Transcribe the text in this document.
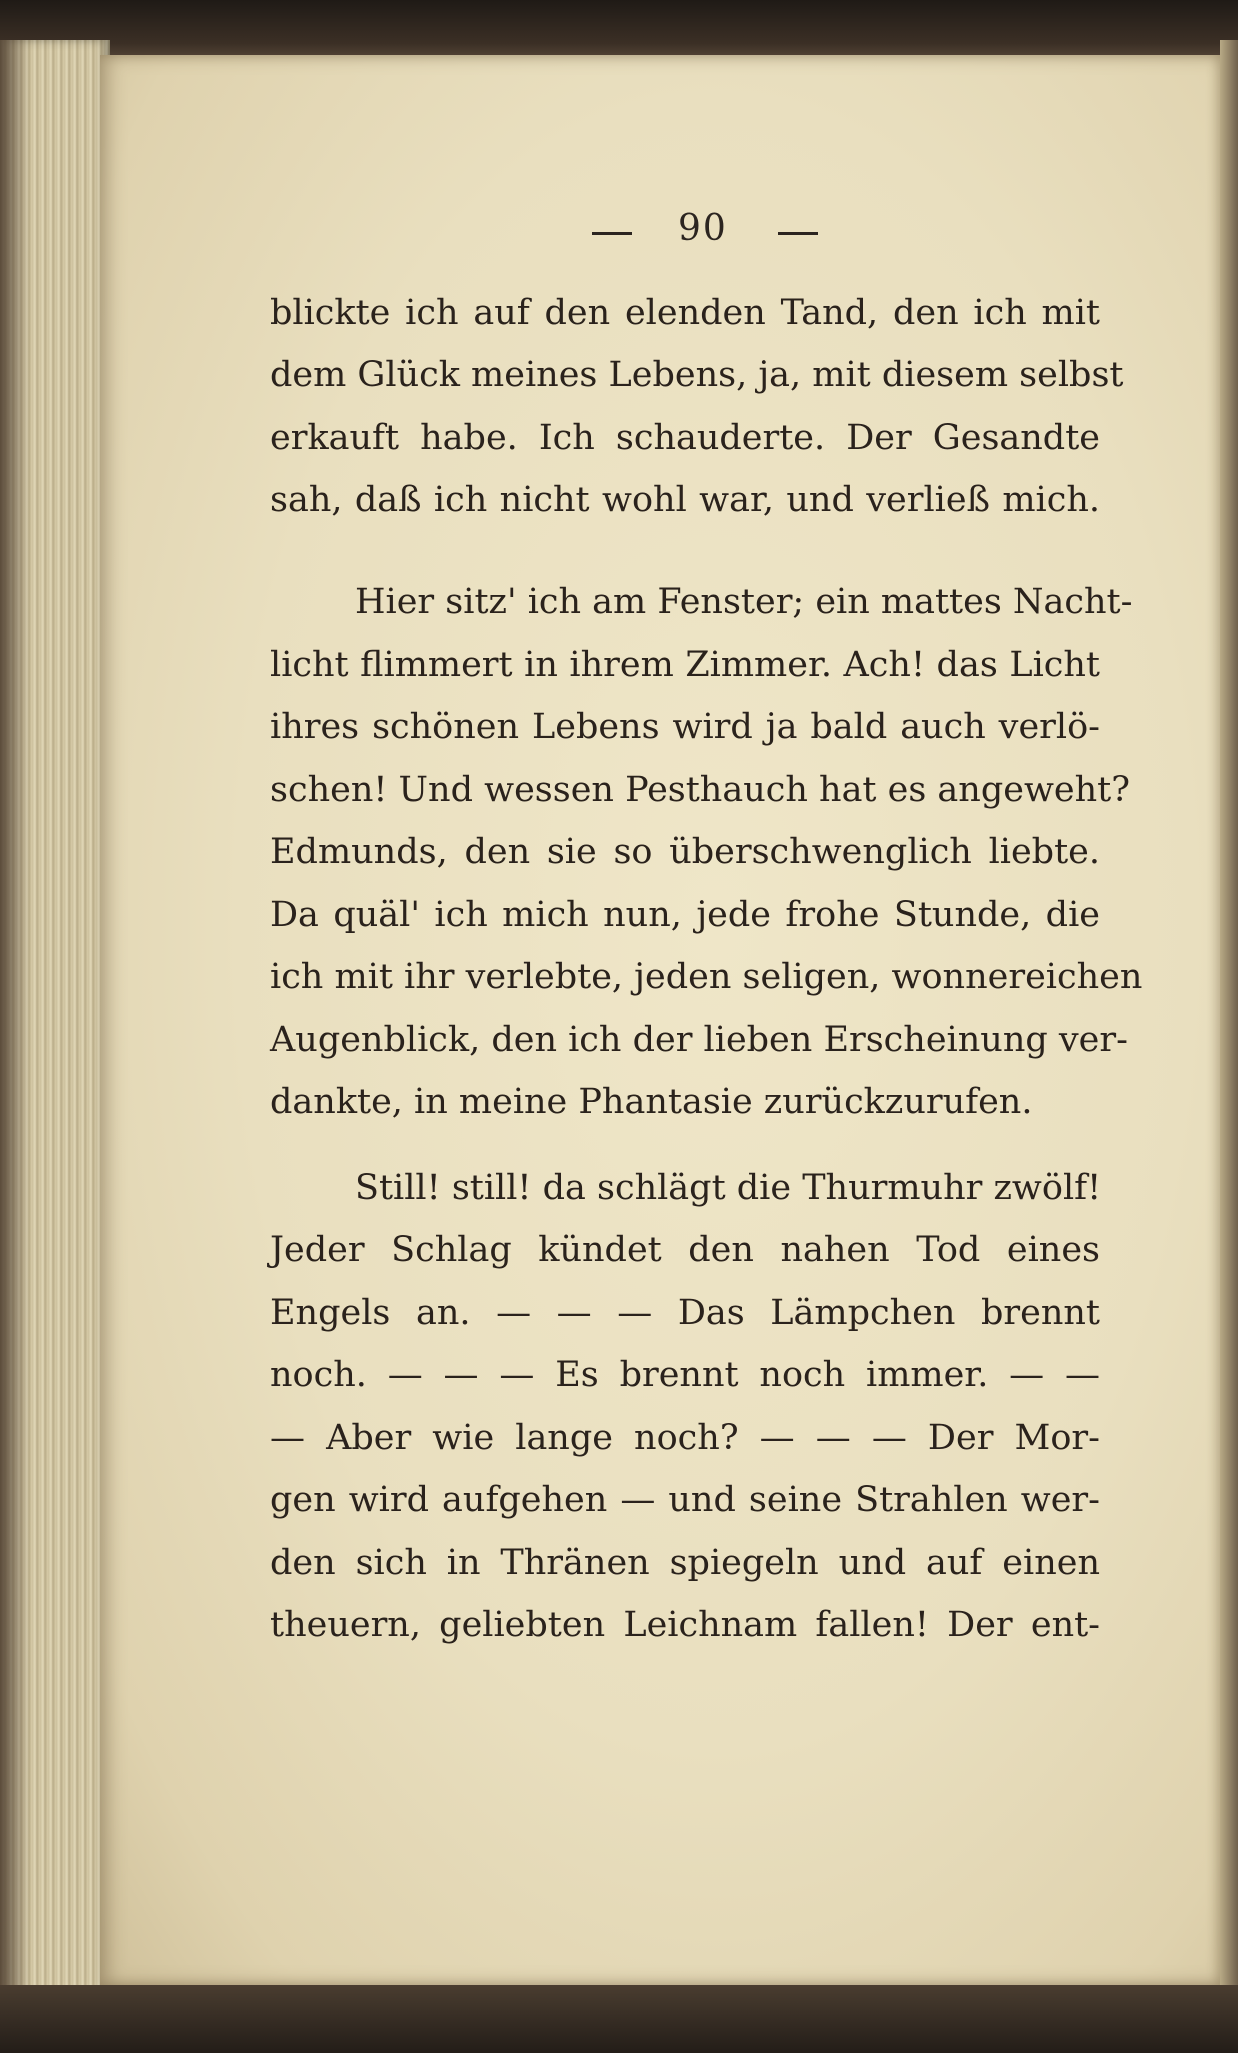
90
blickte ich auf den elenden Tand, den ich mit
dem Glück meines Lebens, ja, mit diesem selbst
erkauft habe. Ich schauderte. Der Gesandte
sah, daß ich nicht wohl war, und verließ mich.
Hier sitz' ich am Fenster; ein mattes Nacht-
licht flimmert in ihrem Zimmer. Ach! das Licht
ihres schönen Lebens wird ja bald auch verlö-
schen! Und wessen Pesthauch hat es angeweht?
Edmunds, den sie so überschwenglich liebte.
Da quäl' ich mich nun, jede frohe Stunde, die
ich mit ihr verlebte, jeden seligen, wonnereichen
Augenblick, den ich der lieben Erscheinung ver-
dankte, in meine Phantasie zurückzurufen.
Still! still! da schlägt die Thurmuhr zwölf!
Jeder Schlag kündet den nahen Tod eines
Engels an. — — — Das Lämpchen brennt
noch. — — — Es brennt noch immer. — —
— Aber wie lange noch? — — — Der Mor-
gen wird aufgehen — und seine Strahlen wer-
den sich in Thränen spiegeln und auf einen
theuern, geliebten Leichnam fallen! Der ent-
